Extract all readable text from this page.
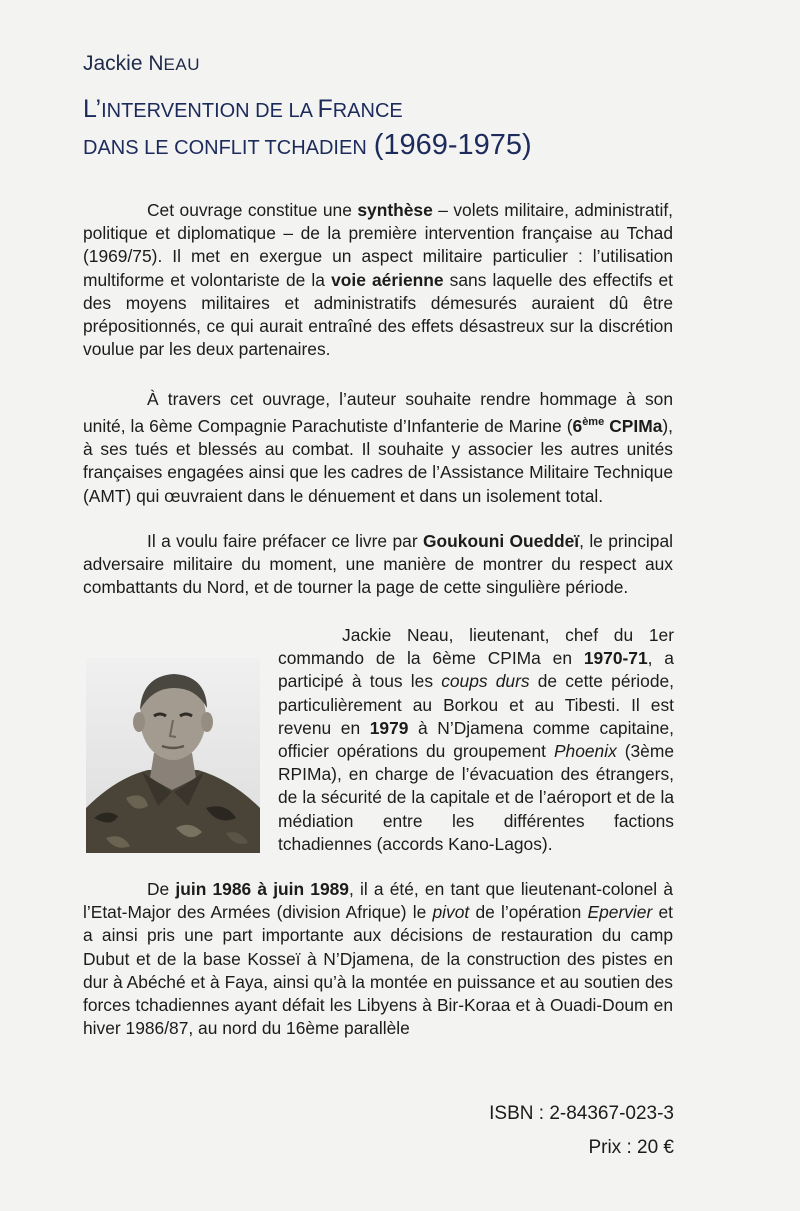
Jackie NEAU
L’INTERVENTION DE LA FRANCE
DANS LE CONFLIT TCHADIEN (1969-1975)

Cet ouvrage constitue une synthèse – volets militaire, administratif, politique et diplomatique – de la première intervention française au Tchad (1969/75). Il met en exergue un aspect militaire particulier : l’utilisation multiforme et volontariste de la voie aérienne sans laquelle des effectifs et des moyens militaires et administratifs démesurés auraient dû être prépositionnés, ce qui aurait entraîné des effets désastreux sur la discrétion voulue par les deux partenaires.

À travers cet ouvrage, l’auteur souhaite rendre hommage à son unité, la 6ème Compagnie Parachutiste d’Infanterie de Marine (6ème CPIMa), à ses tués et blessés au combat. Il souhaite y associer les autres unités françaises engagées ainsi que les cadres de l’Assistance Militaire Technique (AMT) qui œuvraient dans le dénuement et dans un isolement total.

Il a voulu faire préfacer ce livre par Goukouni Oueddeï, le principal adversaire militaire du moment, une manière de montrer du respect aux combattants du Nord, et de tourner la page de cette singulière période.

Jackie Neau, lieutenant, chef du 1er commando de la 6ème CPIMa en 1970-71, a participé à tous les coups durs de cette période, particulièrement au Borkou et au Tibesti. Il est revenu en 1979 à N’Djamena comme capitaine, officier opérations du groupement Phoenix (3ème RPIMa), en charge de l’évacuation des étrangers, de la sécurité de la capitale et de l’aéroport et de la médiation entre les différentes factions tchadiennes (accords Kano-Lagos).

De juin 1986 à juin 1989, il a été, en tant que lieutenant-colonel à l’Etat-Major des Armées (division Afrique) le pivot de l’opération Epervier et a ainsi pris une part importante aux décisions de restauration du camp Dubut et de la base Kosseï à N’Djamena, de la construction des pistes en dur à Abéché et à Faya, ainsi qu’à la montée en puissance et au soutien des forces tchadiennes ayant défait les Libyens à Bir-Koraa et à Ouadi-Doum en hiver 1986/87, au nord du 16ème parallèle

ISBN : 2-84367-023-3
Prix : 20 €
